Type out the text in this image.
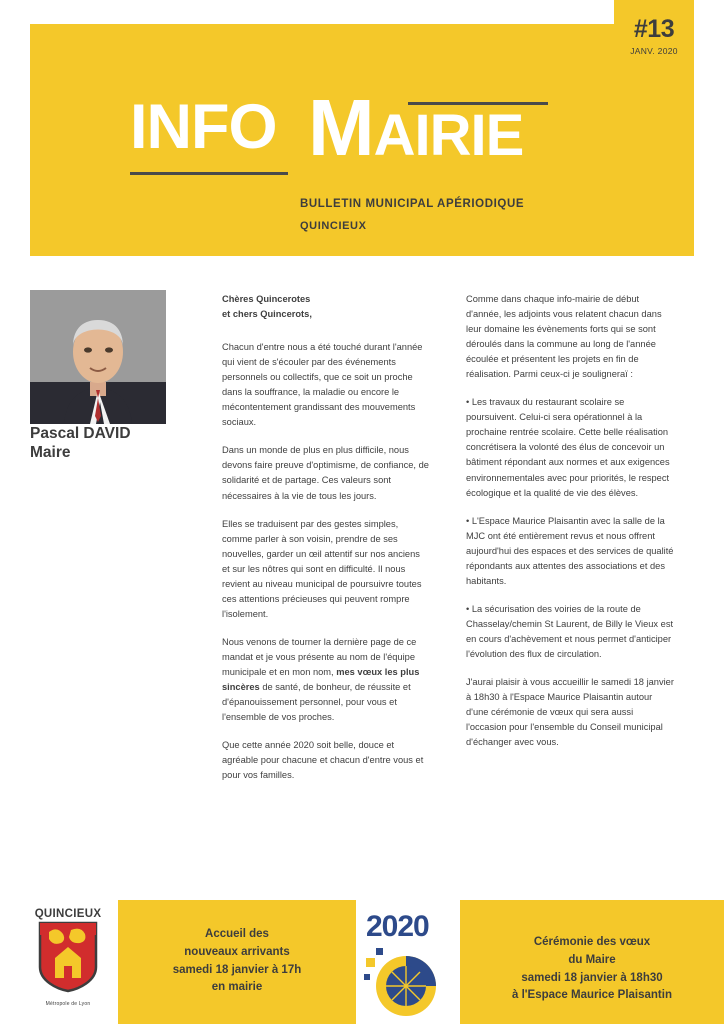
#13
JANV. 2020
INFO MAIRIE
BULLETIN MUNICIPAL APÉRIODIQUE
QUINCIEUX
Pascal DAVID
Maire

Chères Quincerotes
et chers Quincerots,

Chacun d'entre nous a été touché durant l'année qui vient de s'écouler par des événements personnels ou collectifs, que ce soit un proche dans la souffrance, la maladie ou encore le mécontentement grandissant des mouvements sociaux.

Dans un monde de plus en plus difficile, nous devons faire preuve d'optimisme, de confiance, de solidarité et de partage. Ces valeurs sont nécessaires à la vie de tous les jours.

Elles se traduisent par des gestes simples, comme parler à son voisin, prendre de ses nouvelles, garder un œil attentif sur nos anciens et sur les nôtres qui sont en difficulté. Il nous revient au niveau municipal de poursuivre toutes ces attentions précieuses qui peuvent rompre l'isolement.

Nous venons de tourner la dernière page de ce mandat et je vous présente au nom de l'équipe municipale et en mon nom, mes vœux les plus sincères de santé, de bonheur, de réussite et d'épanouissement personnel, pour vous et l'ensemble de vos proches.

Que cette année 2020 soit belle, douce et agréable pour chacune et chacun d'entre vous et pour vos familles.

Comme dans chaque info-mairie de début d'année, les adjoints vous relatent chacun dans leur domaine les évènements forts qui se sont déroulés dans la commune au long de l'année écoulée et présentent les projets en fin de réalisation. Parmi ceux-ci je souligneraï :

• Les travaux du restaurant scolaire se poursuivent. Celui-ci sera opérationnel à la prochaine rentrée scolaire. Cette belle réalisation concrétisera la volonté des élus de concevoir un bâtiment répondant aux normes et aux exigences environnementales avec pour priorités, le respect écologique et la qualité de vie des élèves.

• L'Espace Maurice Plaisantin avec la salle de la MJC ont été entièrement revus et nous offrent aujourd'hui des espaces et des services de qualité répondants aux attentes des associations et des habitants.

• La sécurisation des voiries de la route de Chasselay/chemin St Laurent, de Billy le Vieux est en cours d'achèvement et nous permet d'anticiper l'évolution des flux de circulation.

J'aurai plaisir à vous accueillir le samedi 18 janvier à 18h30 à l'Espace Maurice Plaisantin autour d'une cérémonie de vœux qui sera aussi l'occasion pour l'ensemble du Conseil municipal d'échanger avec vous.

QUINCIEUX
Métropole de Lyon
Accueil des
nouveaux arrivants
samedi 18 janvier à 17h
en mairie
2020	Cérémonie des vœux
du Maire
samedi 18 janvier à 18h30
à l'Espace Maurice Plaisantin
